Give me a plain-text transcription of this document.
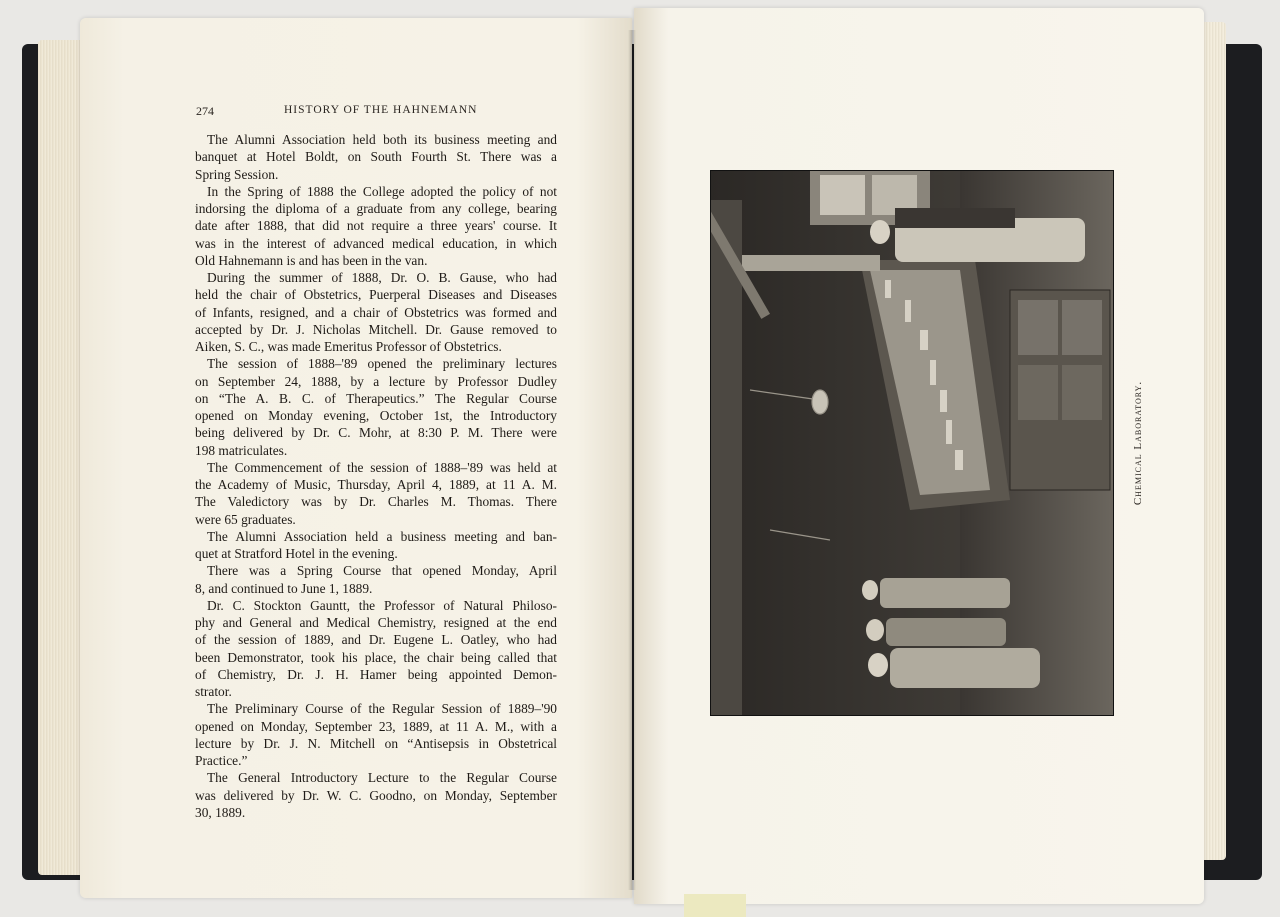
274	HISTORY OF THE HAHNEMANN
The Alumni Association held both its business meeting and
banquet at Hotel Boldt, on South Fourth St. There was a
Spring Session.
In the Spring of 1888 the College adopted the policy of not
indorsing the diploma of a graduate from any college, bearing
date after 1888, that did not require a three years' course. It
was in the interest of advanced medical education, in which
Old Hahnemann is and has been in the van.
During the summer of 1888, Dr. O. B. Gause, who had
held the chair of Obstetrics, Puerperal Diseases and Diseases
of Infants, resigned, and a chair of Obstetrics was formed and
accepted by Dr. J. Nicholas Mitchell. Dr. Gause removed to
Aiken, S. C., was made Emeritus Professor of Obstetrics.
The session of 1888–'89 opened the preliminary lectures
on September 24, 1888, by a lecture by Professor Dudley
on “The A. B. C. of Therapeutics.” The Regular Course
opened on Monday evening, October 1st, the Introductory
being delivered by Dr. C. Mohr, at 8:30 P. M. There were
198 matriculates.
The Commencement of the session of 1888–'89 was held at
the Academy of Music, Thursday, April 4, 1889, at 11 A. M.
The Valedictory was by Dr. Charles M. Thomas. There
were 65 graduates.
The Alumni Association held a business meeting and ban-
quet at Stratford Hotel in the evening.
There was a Spring Course that opened Monday, April
8, and continued to June 1, 1889.
Dr. C. Stockton Gauntt, the Professor of Natural Philoso-
phy and General and Medical Chemistry, resigned at the end
of the session of 1889, and Dr. Eugene L. Oatley, who had
been Demonstrator, took his place, the chair being called that
of Chemistry, Dr. J. H. Hamer being appointed Demon-
strator.
The Preliminary Course of the Regular Session of 1889–'90
opened on Monday, September 23, 1889, at 11 A. M., with a
lecture by Dr. J. N. Mitchell on “Antisepsis in Obstetrical
Practice.”
The General Introductory Lecture to the Regular Course
was delivered by Dr. W. C. Goodno, on Monday, September
30, 1889.
Chemical Laboratory.
